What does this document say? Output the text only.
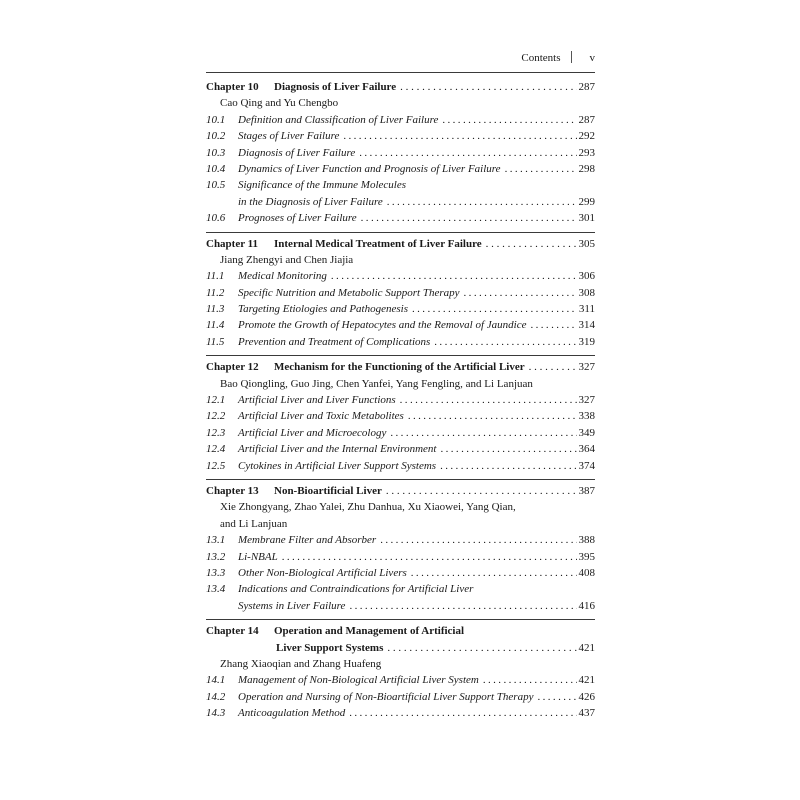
Contents	v
Chapter 10	Diagnosis of Liver Failure . . .	287
Cao Qing and Yu Chengbo
10.1	Definition and Classification of Liver Failure .....	287
10.2	Stages of Liver Failure .....	292
10.3	Diagnosis of Liver Failure .....	293
10.4	Dynamics of Liver Function and Prognosis of Liver Failure .....	298
10.5	Significance of the Immune Molecules
in the Diagnosis of Liver Failure .....	299
10.6	Prognoses of Liver Failure .....	301
Chapter 11	Internal Medical Treatment of Liver Failure . . .	305
Jiang Zhengyi and Chen Jiajia
11.1	Medical Monitoring .....	306
11.2	Specific Nutrition and Metabolic Support Therapy .....	308
11.3	Targeting Etiologies and Pathogenesis .....	311
11.4	Promote the Growth of Hepatocytes and the Removal of Jaundice .....	314
11.5	Prevention and Treatment of Complications .....	319
Chapter 12	Mechanism for the Functioning of the Artificial Liver . . .	327
Bao Qiongling, Guo Jing, Chen Yanfei, Yang Fengling, and Li Lanjuan
12.1	Artificial Liver and Liver Functions .....	327
12.2	Artificial Liver and Toxic Metabolites .....	338
12.3	Artificial Liver and Microecology .....	349
12.4	Artificial Liver and the Internal Environment .....	364
12.5	Cytokines in Artificial Liver Support Systems .....	374
Chapter 13	Non-Bioartificial Liver . . .	387
Xie Zhongyang, Zhao Yalei, Zhu Danhua, Xu Xiaowei, Yang Qian,
and Li Lanjuan
13.1	Membrane Filter and Absorber .....	388
13.2	Li-NBAL .....	395
13.3	Other Non-Biological Artificial Livers .....	408
13.4	Indications and Contraindications for Artificial Liver
Systems in Liver Failure .....	416
Chapter 14	Operation and Management of Artificial
Liver Support Systems . . .	421
Zhang Xiaoqian and Zhang Huafeng
14.1	Management of Non-Biological Artificial Liver System .....	421
14.2	Operation and Nursing of Non-Bioartificial Liver Support Therapy .....	426
14.3	Anticoagulation Method .....	437
